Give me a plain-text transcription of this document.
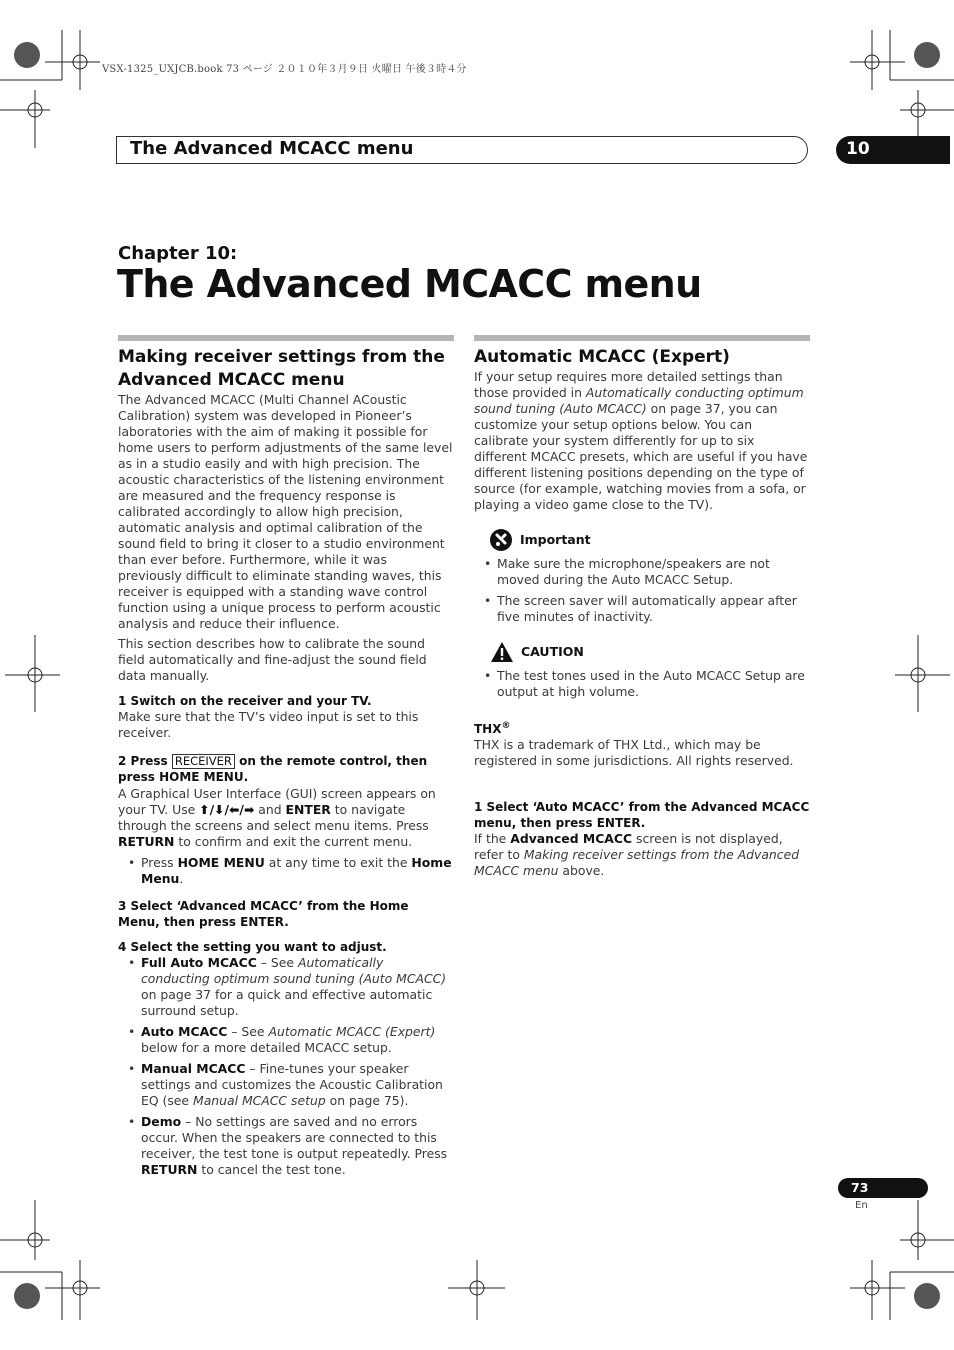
VSX-1325_UXJCB.book 73 ページ ２０１０年３月９日 火曜日 午後３時４分
The Advanced MCACC menu	10
Chapter 10:
The Advanced MCACC menu
Making receiver settings from the Advanced MCACC menu

The Advanced MCACC (Multi Channel ACoustic Calibration) system was developed in Pioneer’s laboratories with the aim of making it possible for home users to perform adjustments of the same level as in a studio easily and with high precision. The acoustic characteristics of the listening environment are measured and the frequency response is calibrated accordingly to allow high precision, automatic analysis and optimal calibration of the sound field to bring it closer to a studio environment than ever before. Furthermore, while it was previously difficult to eliminate standing waves, this receiver is equipped with a standing wave control function using a unique process to perform acoustic analysis and reduce their influence.

This section describes how to calibrate the sound field automatically and fine-adjust the sound field data manually.

1 Switch on the receiver and your TV.
Make sure that the TV’s video input is set to this receiver.
2 Press RECEIVER on the remote control, then press HOME MENU.
A Graphical User Interface (GUI) screen appears on your TV. Use ⬆/⬇/⬅/➡ and ENTER to navigate through the screens and select menu items. Press RETURN to confirm and exit the current menu.
• Press HOME MENU at any time to exit the Home Menu.
3 Select ‘Advanced MCACC’ from the Home Menu, then press ENTER.
4 Select the setting you want to adjust.
• Full Auto MCACC – See Automatically conducting optimum sound tuning (Auto MCACC) on page 37 for a quick and effective automatic surround setup.
• Auto MCACC – See Automatic MCACC (Expert) below for a more detailed MCACC setup.
• Manual MCACC – Fine-tunes your speaker settings and customizes the Acoustic Calibration EQ (see Manual MCACC setup on page 75).
• Demo – No settings are saved and no errors occur. When the speakers are connected to this receiver, the test tone is output repeatedly. Press RETURN to cancel the test tone.
Automatic MCACC (Expert)

If your setup requires more detailed settings than those provided in Automatically conducting optimum sound tuning (Auto MCACC) on page 37, you can customize your setup options below. You can calibrate your system differently for up to six different MCACC presets, which are useful if you have different listening positions depending on the type of source (for example, watching movies from a sofa, or playing a video game close to the TV).

Important
• Make sure the microphone/speakers are not moved during the Auto MCACC Setup.
• The screen saver will automatically appear after five minutes of inactivity.
CAUTION
• The test tones used in the Auto MCACC Setup are output at high volume.
THX®
THX is a trademark of THX Ltd., which may be registered in some jurisdictions. All rights reserved.
1 Select ‘Auto MCACC’ from the Advanced MCACC menu, then press ENTER.
If the Advanced MCACC screen is not displayed, refer to Making receiver settings from the Advanced MCACC menu above.
73
En
